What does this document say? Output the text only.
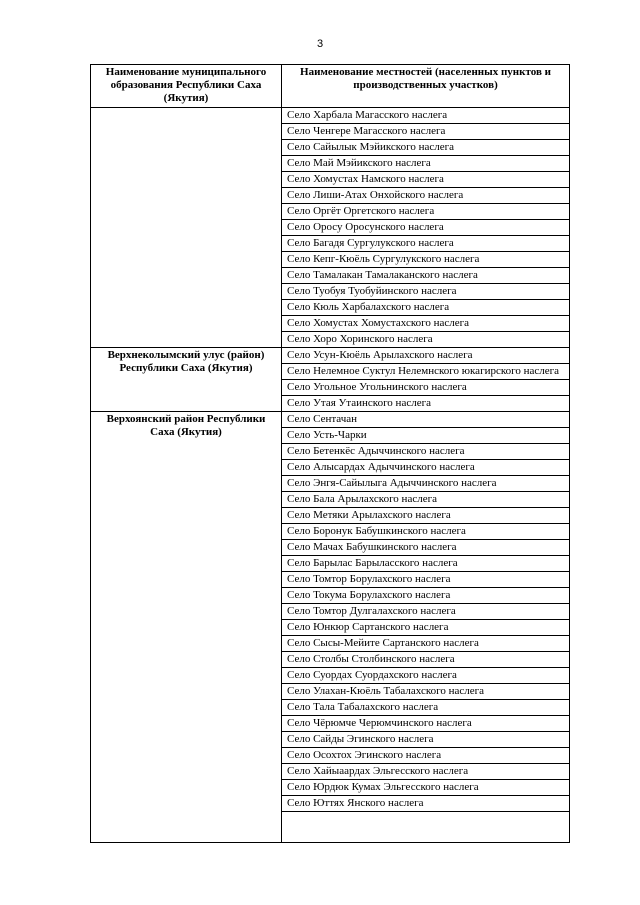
3
Наименование муниципального образования Республики Саха (Якутия)	Наименование местностей (населенных пунктов и производственных участков)
	Село Харбала Магасского наслега
	Село Ченгере Магасского наслега
	Село Сайылык Мэйикского наслега
	Село Май Мэйикского наслега
	Село Хомустах Намского наслега
	Село Лиши-Атах Онхойского наслега
	Село Оргёт Оргетского наслега
	Село Оросу Оросунского наслега
	Село Багадя Сургулукского наслега
	Село Кепг-Кюёль Сургулукского наслега
	Село Тамалакан Тамалаканского наслега
	Село Туобуя Туобуйинского наслега
	Село Кюль Харбалахского наслега
	Село Хомустах Хомустахского наслега
	Село Хоро Хоринского наслега
Верхнеколымский улус (район) Республики Саха (Якутия)	Село Усун-Кюёль Арылахского наслега
	Село Нелемное Суктул Нелемнского юкагирского наслега
	Село Угольное Угольнинского наслега
	Село Утая Утаинского наслега
Верхоянский район Республики Саха (Якутия)	Село Сентачан
	Село Усть-Чарки
	Село Бетенкёс Адыччинского наслега
	Село Алысардах Адыччинского наслега
	Село Энгя-Сайылыга Адыччинского наслега
	Село Бала Арылахского наслега
	Село Метяки Арылахского наслега
	Село Боронук Бабушкинского наслега
	Село Мачах Бабушкинского наслега
	Село Барылас Барыласского наслега
	Село Томтор Борулахского наслега
	Село Токума Борулахского наслега
	Село Томтор Дулгалахского наслега
	Село Юнкюр Сартанского наслега
	Село Сысы-Мейите Сартанского наслега
	Село Столбы Столбинского наслега
	Село Суордах Суордахского наслега
	Село Улахан-Кюёль Табалахского наслега
	Село Тала Табалахского наслега
	Село Чёрюмче Черюмчинского наслега
	Село Сайды Эгинского наслега
	Село Осохтох Эгинского наслега
	Село Хайыаардах Эльгесского наслега
	Село Юрдюк Кумах Эльгесского наслега
	Село Юттях Янского наслега
